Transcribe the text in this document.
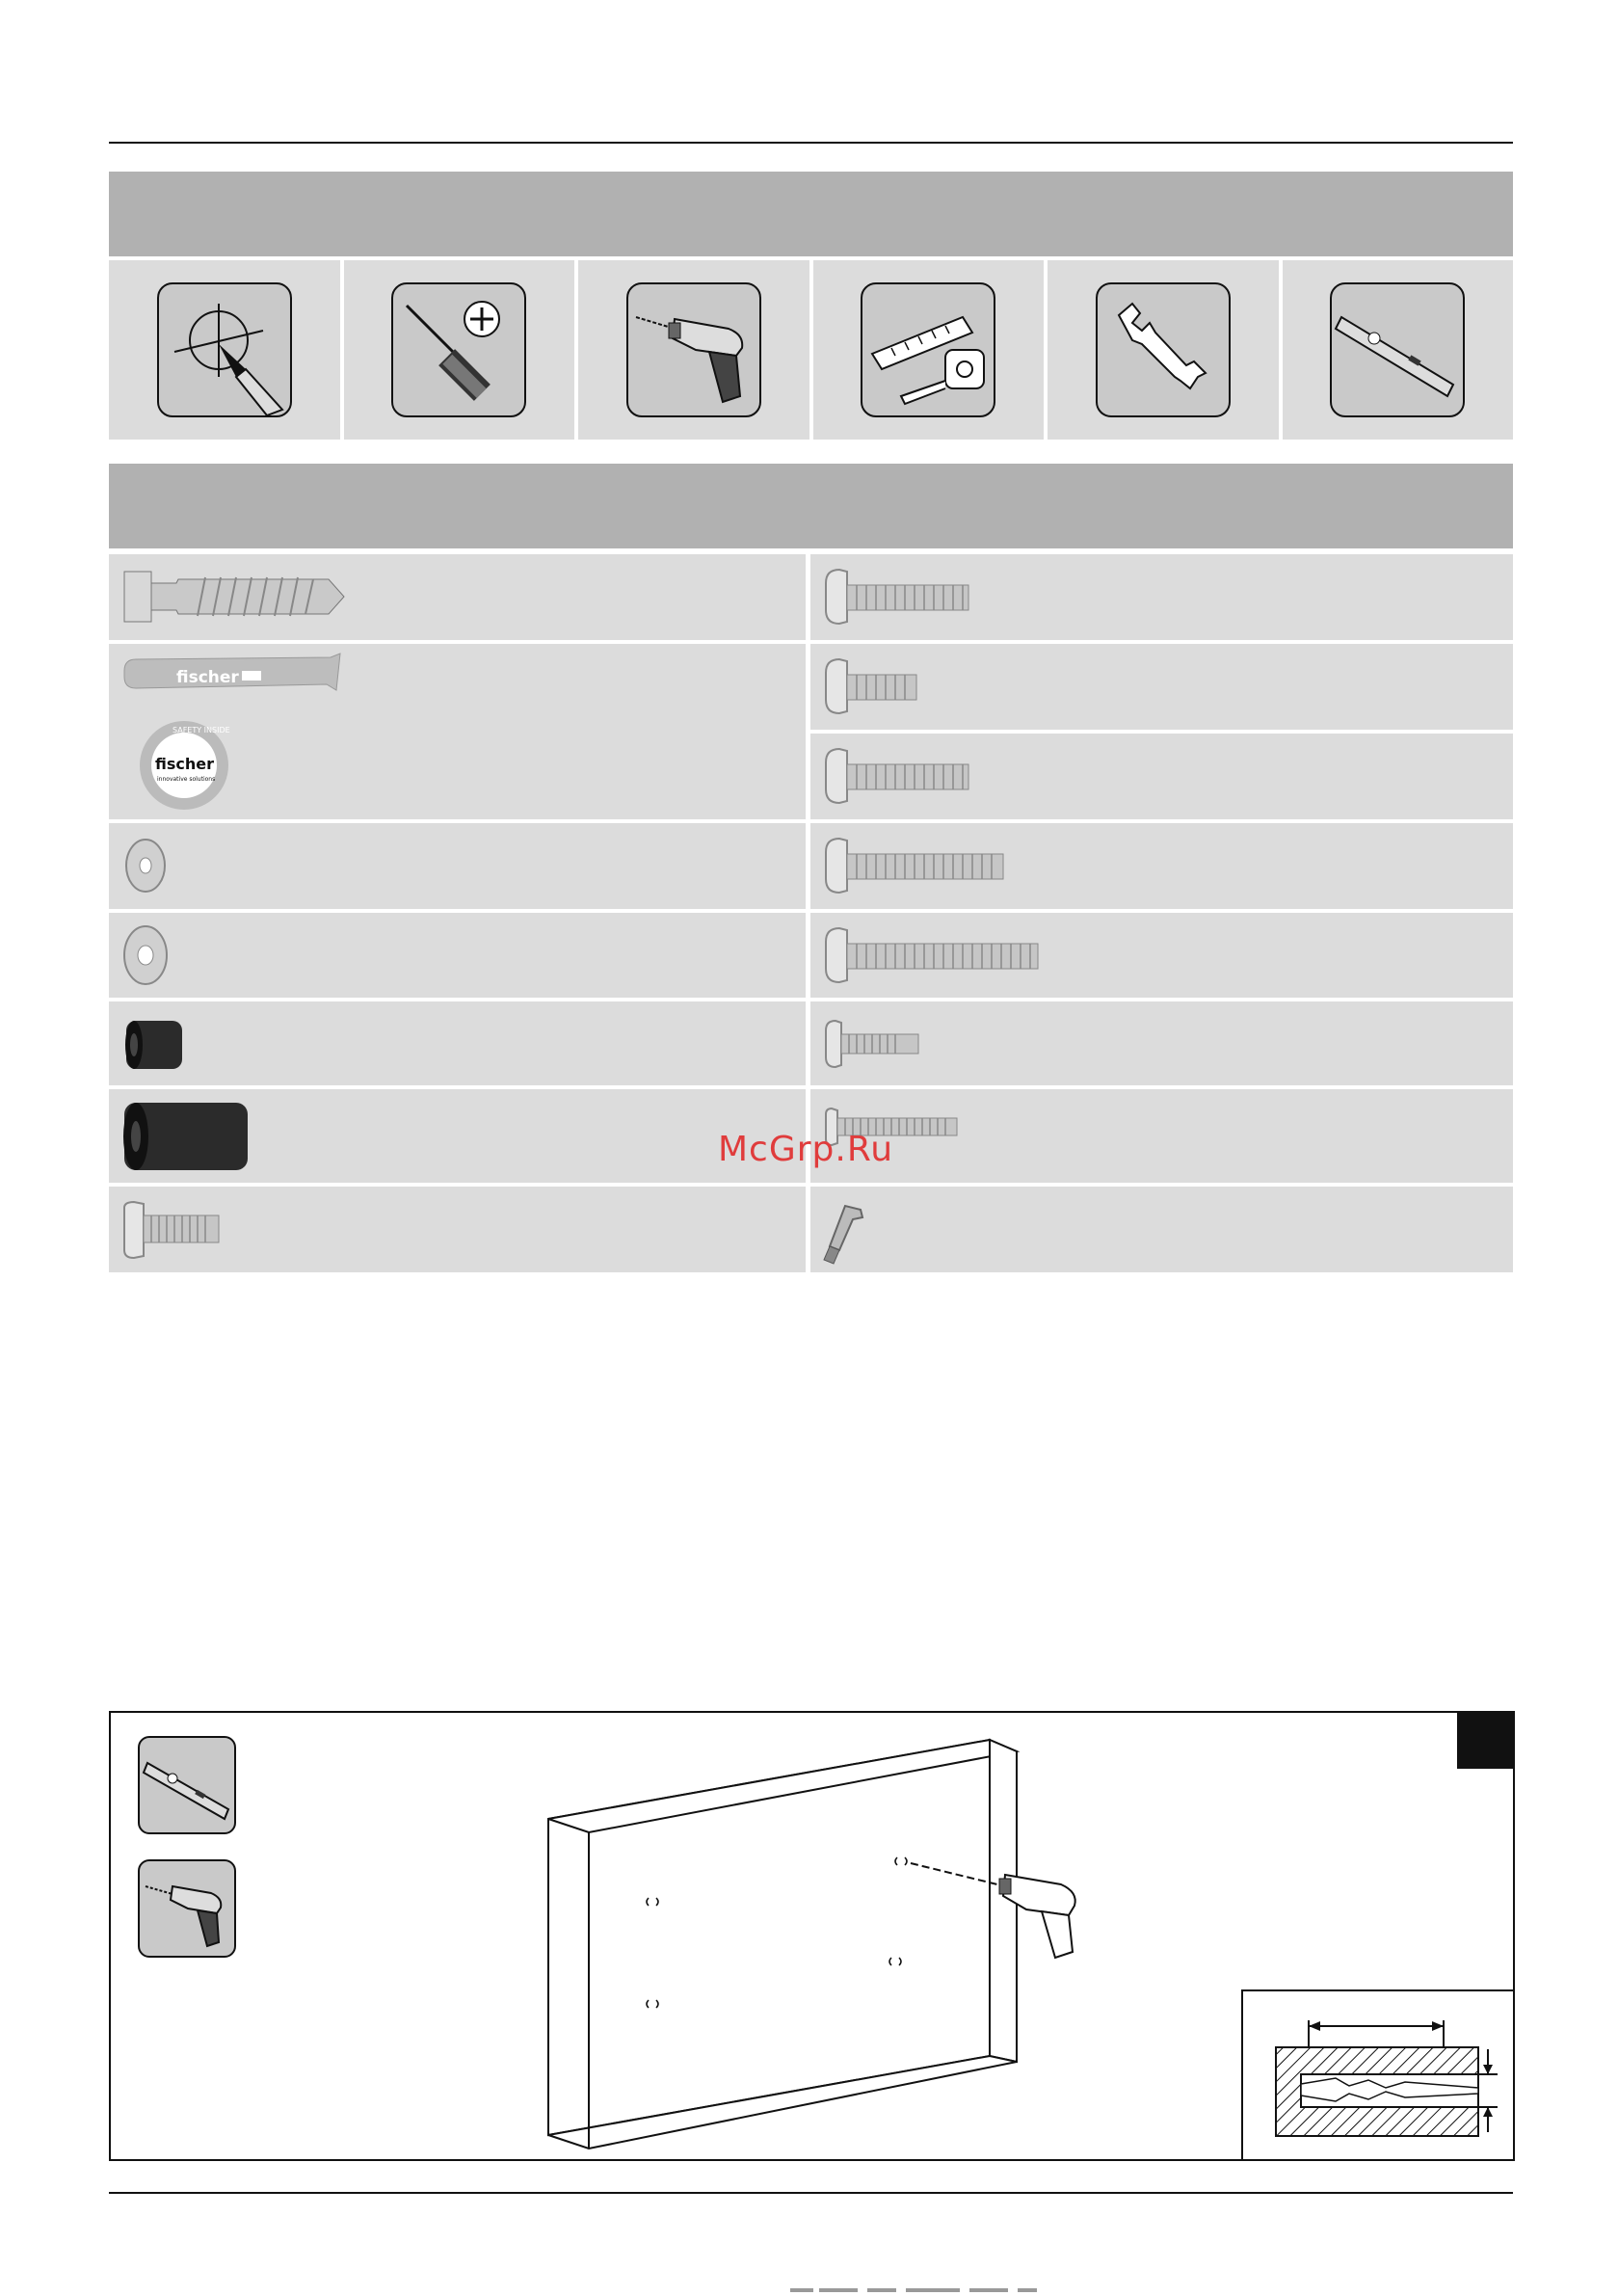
fischer
fischer
innovative solutions
SAFETY INSIDE
McGrp.Ru
